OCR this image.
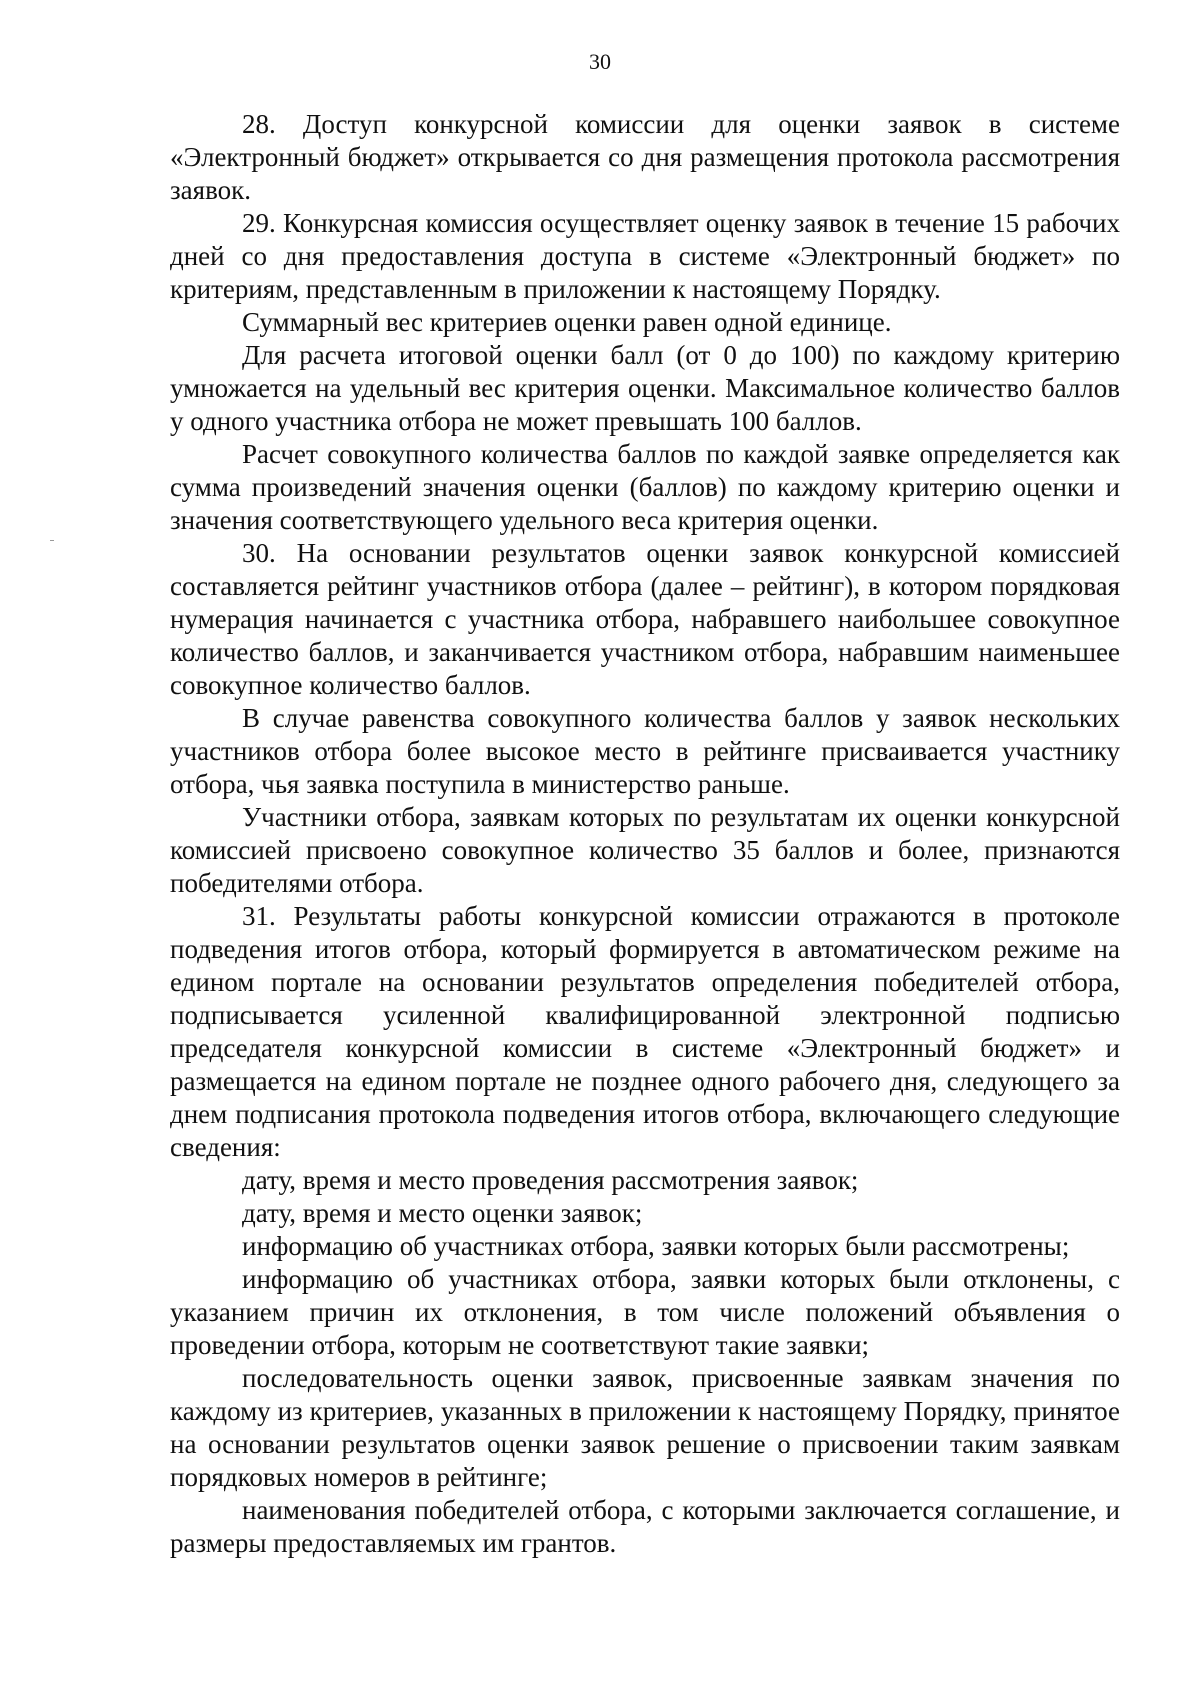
30

28. Доступ конкурсной комиссии для оценки заявок в системе «Электронный бюджет» открывается со дня размещения протокола рассмотрения заявок.

29. Конкурсная комиссия осуществляет оценку заявок в течение 15 рабочих дней со дня предоставления доступа в системе «Электронный бюджет» по критериям, представленным в приложении к настоящему Порядку.

Суммарный вес критериев оценки равен одной единице.

Для расчета итоговой оценки балл (от 0 до 100) по каждому критерию умножается на удельный вес критерия оценки. Максимальное количество баллов у одного участника отбора не может превышать 100 баллов.

Расчет совокупного количества баллов по каждой заявке определяется как сумма произведений значения оценки (баллов) по каждому критерию оценки и значения соответствующего удельного веса критерия оценки.

30. На основании результатов оценки заявок конкурсной комиссией составляется рейтинг участников отбора (далее – рейтинг), в котором порядковая нумерация начинается с участника отбора, набравшего наибольшее совокупное количество баллов, и заканчивается участником отбора, набравшим наименьшее совокупное количество баллов.

В случае равенства совокупного количества баллов у заявок нескольких участников отбора более высокое место в рейтинге присваивается участнику отбора, чья заявка поступила в министерство раньше.

Участники отбора, заявкам которых по результатам их оценки конкурсной комиссией присвоено совокупное количество 35 баллов и более, признаются победителями отбора.

31. Результаты работы конкурсной комиссии отражаются в протоколе подведения итогов отбора, который формируется в автоматическом режиме на едином портале на основании результатов определения победителей отбора, подписывается усиленной квалифицированной электронной подписью председателя конкурсной комиссии в системе «Электронный бюджет» и размещается на едином портале не позднее одного рабочего дня, следующего за днем подписания протокола подведения итогов отбора, включающего следующие сведения:

дату, время и место проведения рассмотрения заявок;

дату, время и место оценки заявок;

информацию об участниках отбора, заявки которых были рассмотрены;

информацию об участниках отбора, заявки которых были отклонены, с указанием причин их отклонения, в том числе положений объявления о проведении отбора, которым не соответствуют такие заявки;

последовательность оценки заявок, присвоенные заявкам значения по каждому из критериев, указанных в приложении к настоящему Порядку, принятое на основании результатов оценки заявок решение о присвоении таким заявкам порядковых номеров в рейтинге;

наименования победителей отбора, с которыми заключается соглашение, и размеры предоставляемых им грантов.
